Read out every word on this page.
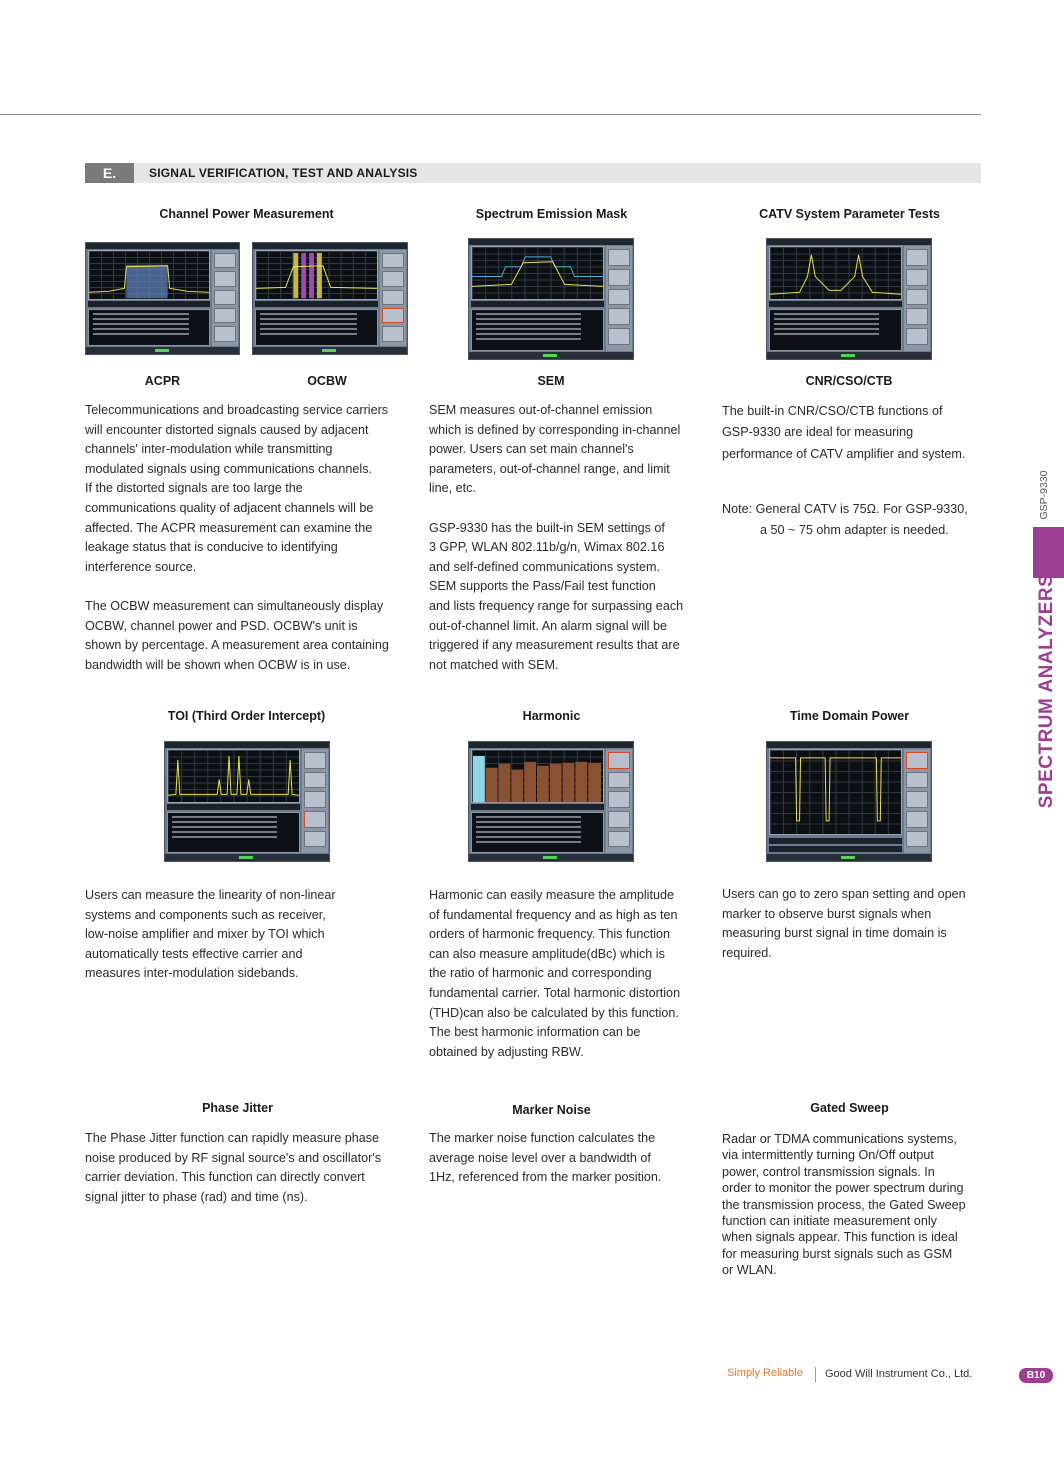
E.	SIGNAL VERIFICATION, TEST AND ANALYSIS
Channel Power Measurement	Spectrum Emission Mask	CATV System Parameter Tests
ACPR	OCBW	SEM	CNR/CSO/CTB

Telecommunications and broadcasting service carriers

will encounter distorted signals caused by adjacent

channels' inter-modulation while transmitting

modulated signals using communications channels.

If the distorted signals are too large the

communications quality of adjacent channels will be

affected. The ACPR measurement can examine the

leakage status that is conducive to identifying

interference source.

The OCBW measurement can simultaneously display

OCBW, channel power and PSD. OCBW's unit is

shown by percentage. A measurement area containing

bandwidth will be shown when OCBW is in use.

SEM measures out-of-channel emission

which is defined by corresponding in-channel

power. Users can set main channel's

parameters, out-of-channel range, and limit

line, etc.

GSP-9330 has the built-in SEM settings of

3 GPP, WLAN 802.11b/g/n, Wimax 802.16

and self-defined communications system.

SEM supports the Pass/Fail test function

and lists frequency range for surpassing each

out-of-channel limit. An alarm signal will be

triggered if any measurement results that are

not matched with SEM.

The built-in CNR/CSO/CTB functions of

GSP-9330 are ideal for measuring

performance of CATV amplifier and system.

Note: General CATV is 75Ω. For GSP-9330,

a 50 ~ 75 ohm adapter is needed.

TOI (Third Order Intercept)	Harmonic	Time Domain Power

Users can measure the linearity of non-linear

systems and components such as receiver,

low-noise amplifier and mixer by TOI which

automatically tests effective carrier and

measures inter-modulation sidebands.

Harmonic can easily measure the amplitude

of fundamental frequency and as high as ten

orders of harmonic frequency. This function

can also measure amplitude(dBc) which is

the ratio of harmonic and corresponding

fundamental carrier. Total harmonic distortion

(THD)can also be calculated by this function.

The best harmonic information can be

obtained by adjusting RBW.

Users can go to zero span setting and open

marker to observe burst signals when

measuring burst signal in time domain is

required.

Phase Jitter	Marker Noise	Gated Sweep

The Phase Jitter function can rapidly measure phase

noise produced by RF signal source's and oscillator's

carrier deviation. This function can directly convert

signal jitter to phase (rad) and time (ns).

The marker noise function calculates the

average noise level over a bandwidth of

1Hz, referenced from the marker position.

Radar or TDMA communications systems,

via intermittently turning On/Off output

power, control transmission signals. In

order to monitor the power spectrum during

the transmission process, the Gated Sweep

function can initiate measurement only

when signals appear. This function is ideal

for measuring burst signals such as GSM

or WLAN.

GSP-9330
SPECTRUM ANALYZERS
Simply Reliable Good Will Instrument Co., Ltd.	B10
